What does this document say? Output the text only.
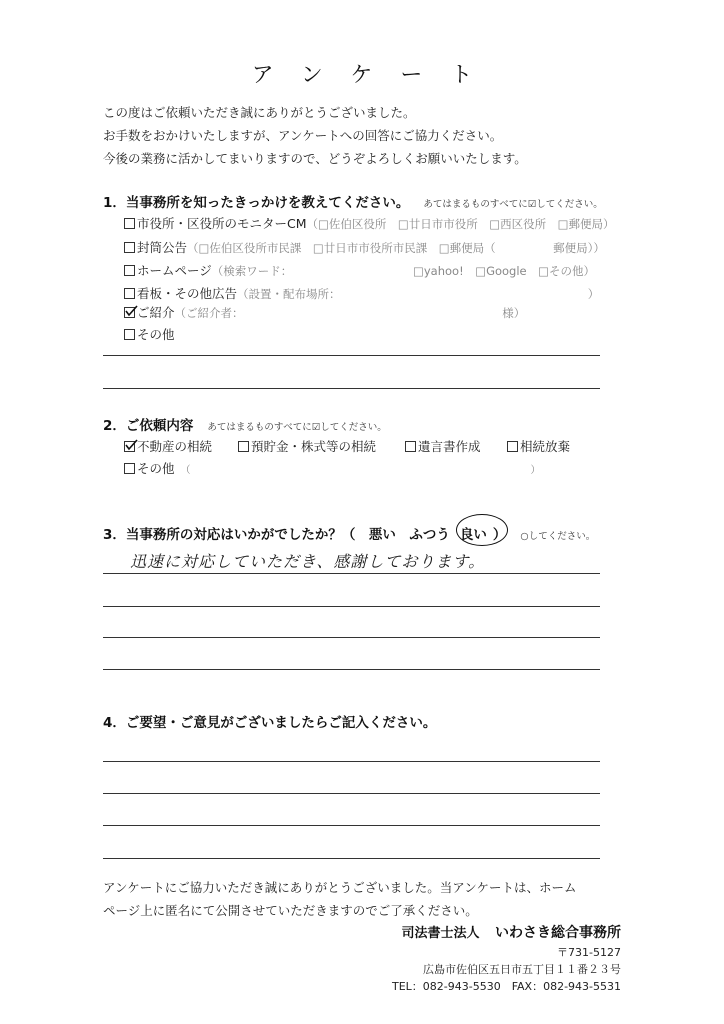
アンケート
この度はご依頼いただき誠にありがとうございました。
お手数をおかけいたしますが、アンケートへの回答にご協力ください。
今後の業務に活かしてまいりますので、どうぞよろしくお願いいたします。
1．当事務所を知ったきっかけを教えてください。 あてはまるものすべてに☑してください。
市役所・区役所のモニターCM（□佐伯区役所　□廿日市市役所　□西区役所　□郵便局）
封筒公告（□佐伯区役所市民課　□廿日市市役所市民課　□郵便局（　　　　　郵便局））
ホームページ（検索ワード：　　　　　　　　　　　□yahoo!　□Google　□その他）
看板・その他広告（設置・配布場所：　　　　　　　　　　　　　　　　　　　　　　）
ご紹介（ご紹介者：　　　　　　　　　　　　　　　　　　　　　　　様）
その他
2．ご依頼内容 あてはまるものすべてに☑してください。
不動産の相続	預貯金・株式等の相続	遺言書作成	相続放棄
その他 （　　　　　　　　　　　　　　　　　　　　　　　　　　　　　　　　　　）
3．当事務所の対応はいかがでしたか？（　悪い　ふつう 良い ） ○してください。
迅速に対応していただき、感謝しております。
4．ご要望・ご意見がございましたらご記入ください。
アンケートにご協力いただき誠にありがとうございました。当アンケートは、ホーム
ページ上に匿名にて公開させていただきますのでご了承ください。
司法書士法人 いわさき総合事務所
〒731-5127
広島市佐伯区五日市五丁目１１番２３号
TEL：082-943-5530　FAX：082-943-5531
